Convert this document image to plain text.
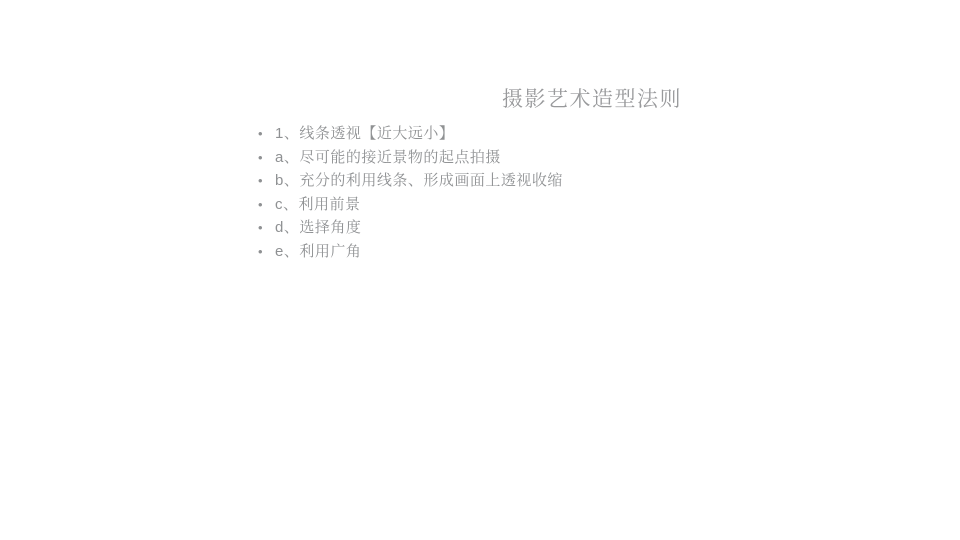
摄影艺术造型法则
• 1、线条透视【近大远小】
• a、尽可能的接近景物的起点拍摄
• b、充分的利用线条、形成画面上透视收缩
• c、利用前景
• d、选择角度
• e、利用广角
